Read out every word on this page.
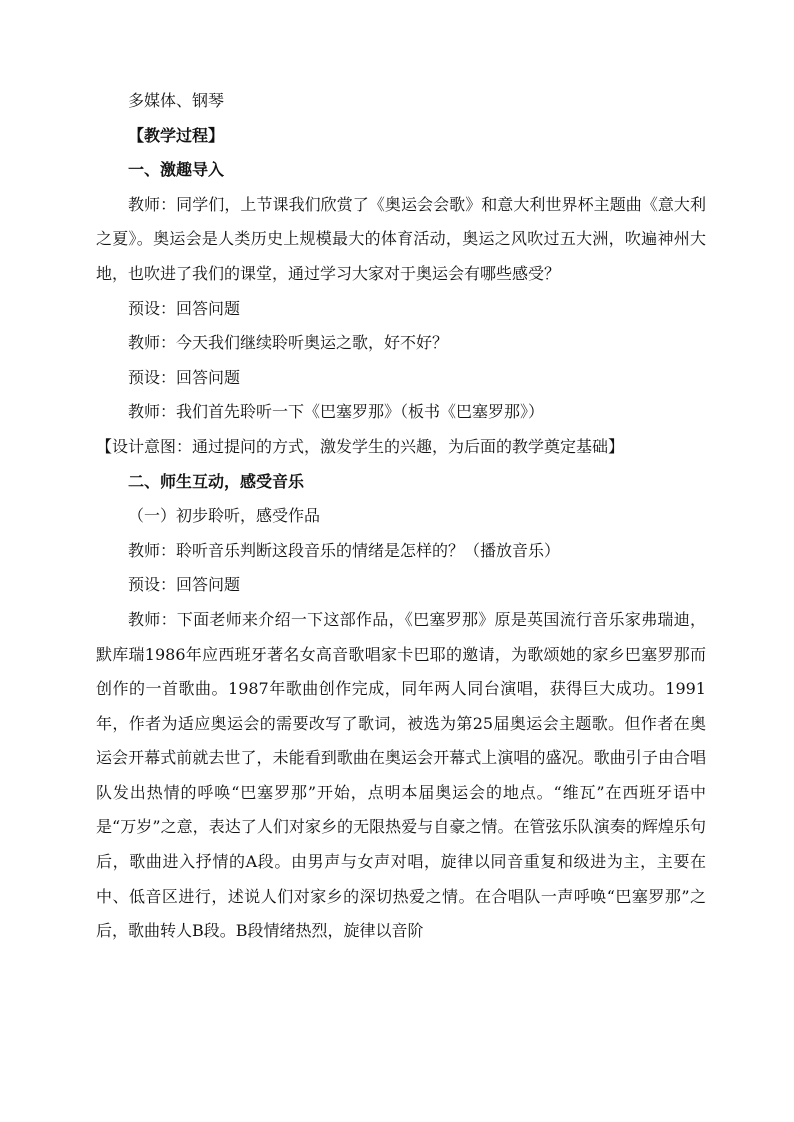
多媒体、钢琴

【教学过程】

一、激趣导入

教师：同学们，上节课我们欣赏了《奥运会会歌》和意大利世界杯主题曲《意大利之夏》。奥运会是人类历史上规模最大的体育活动，奥运之风吹过五大洲，吹遍神州大地，也吹进了我们的课堂，通过学习大家对于奥运会有哪些感受？

预设：回答问题

教师：今天我们继续聆听奥运之歌，好不好？

预设：回答问题

教师：我们首先聆听一下《巴塞罗那》（板书《巴塞罗那》）

【设计意图：通过提问的方式，激发学生的兴趣，为后面的教学奠定基础】

二、师生互动，感受音乐

（一）初步聆听，感受作品

教师：聆听音乐判断这段音乐的情绪是怎样的？（播放音乐）

预设：回答问题

教师：下面老师来介绍一下这部作品，《巴塞罗那》原是英国流行音乐家弗瑞迪，默库瑞1986年应西班牙著名女高音歌唱家卡巴耶的邀请，为歌颂她的家乡巴塞罗那而创作的一首歌曲。1987年歌曲创作完成，同年两人同台演唱，获得巨大成功。1991年，作者为适应奥运会的需要改写了歌词，被选为第25届奥运会主题歌。但作者在奥运会开幕式前就去世了，未能看到歌曲在奥运会开幕式上演唱的盛况。歌曲引子由合唱队发出热情的呼唤“巴塞罗那”开始，点明本届奥运会的地点。“维瓦”在西班牙语中是“万岁”之意，表达了人们对家乡的无限热爱与自豪之情。在管弦乐队演奏的辉煌乐句后，歌曲进入抒情的A段。由男声与女声对唱，旋律以同音重复和级进为主，主要在中、低音区进行，述说人们对家乡的深切热爱之情。在合唱队一声呼唤“巴塞罗那”之后，歌曲转人B段。B段情绪热烈，旋律以音阶
